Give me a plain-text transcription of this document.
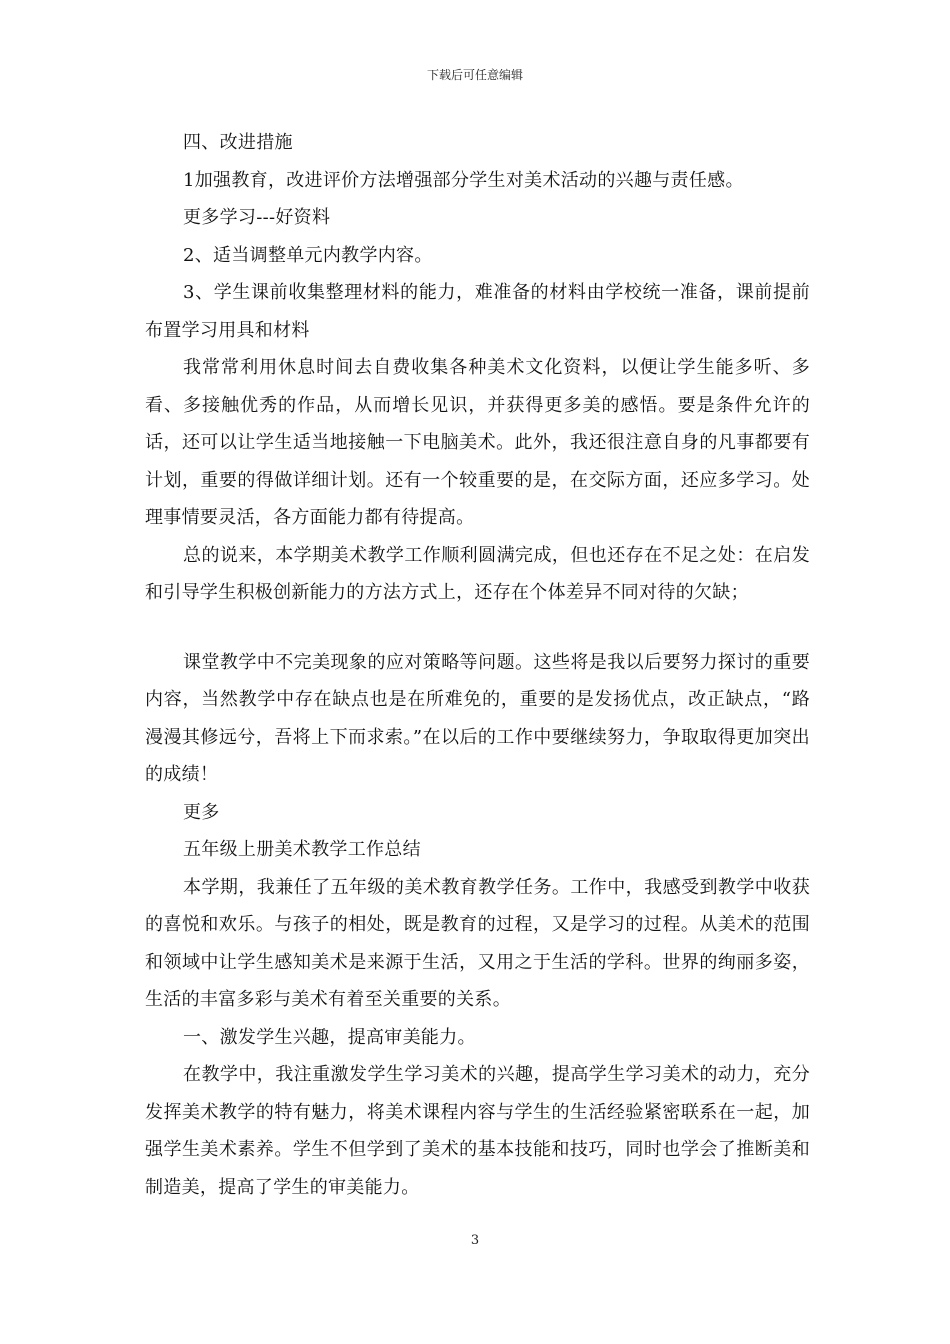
下载后可任意编辑

四、改进措施

1加强教育，改进评价方法增强部分学生对美术活动的兴趣与责任感。

更多学习---好资料

2、适当调整单元内教学内容。

3、学生课前收集整理材料的能力，难准备的材料由学校统一准备，课前提前布置学习用具和材料

我常常利用休息时间去自费收集各种美术文化资料，以便让学生能多听、多看、多接触优秀的作品，从而增长见识，并获得更多美的感悟。要是条件允许的话，还可以让学生适当地接触一下电脑美术。此外，我还很注意自身的凡事都要有计划，重要的得做详细计划。还有一个较重要的是，在交际方面，还应多学习。处理事情要灵活，各方面能力都有待提高。

总的说来，本学期美术教学工作顺利圆满完成，但也还存在不足之处：在启发和引导学生积极创新能力的方法方式上，还存在个体差异不同对待的欠缺；

课堂教学中不完美现象的应对策略等问题。这些将是我以后要努力探讨的重要内容，当然教学中存在缺点也是在所难免的，重要的是发扬优点，改正缺点，“路漫漫其修远兮，吾将上下而求索。”在以后的工作中要继续努力，争取取得更加突出的成绩！

更多

五年级上册美术教学工作总结

本学期，我兼任了五年级的美术教育教学任务。工作中，我感受到教学中收获的喜悦和欢乐。与孩子的相处，既是教育的过程，又是学习的过程。从美术的范围和领域中让学生感知美术是来源于生活，又用之于生活的学科。世界的绚丽多姿，生活的丰富多彩与美术有着至关重要的关系。

一、激发学生兴趣，提高审美能力。

在教学中，我注重激发学生学习美术的兴趣，提高学生学习美术的动力，充分发挥美术教学的特有魅力，将美术课程内容与学生的生活经验紧密联系在一起，加强学生美术素养。学生不但学到了美术的基本技能和技巧，同时也学会了推断美和制造美，提高了学生的审美能力。

3
